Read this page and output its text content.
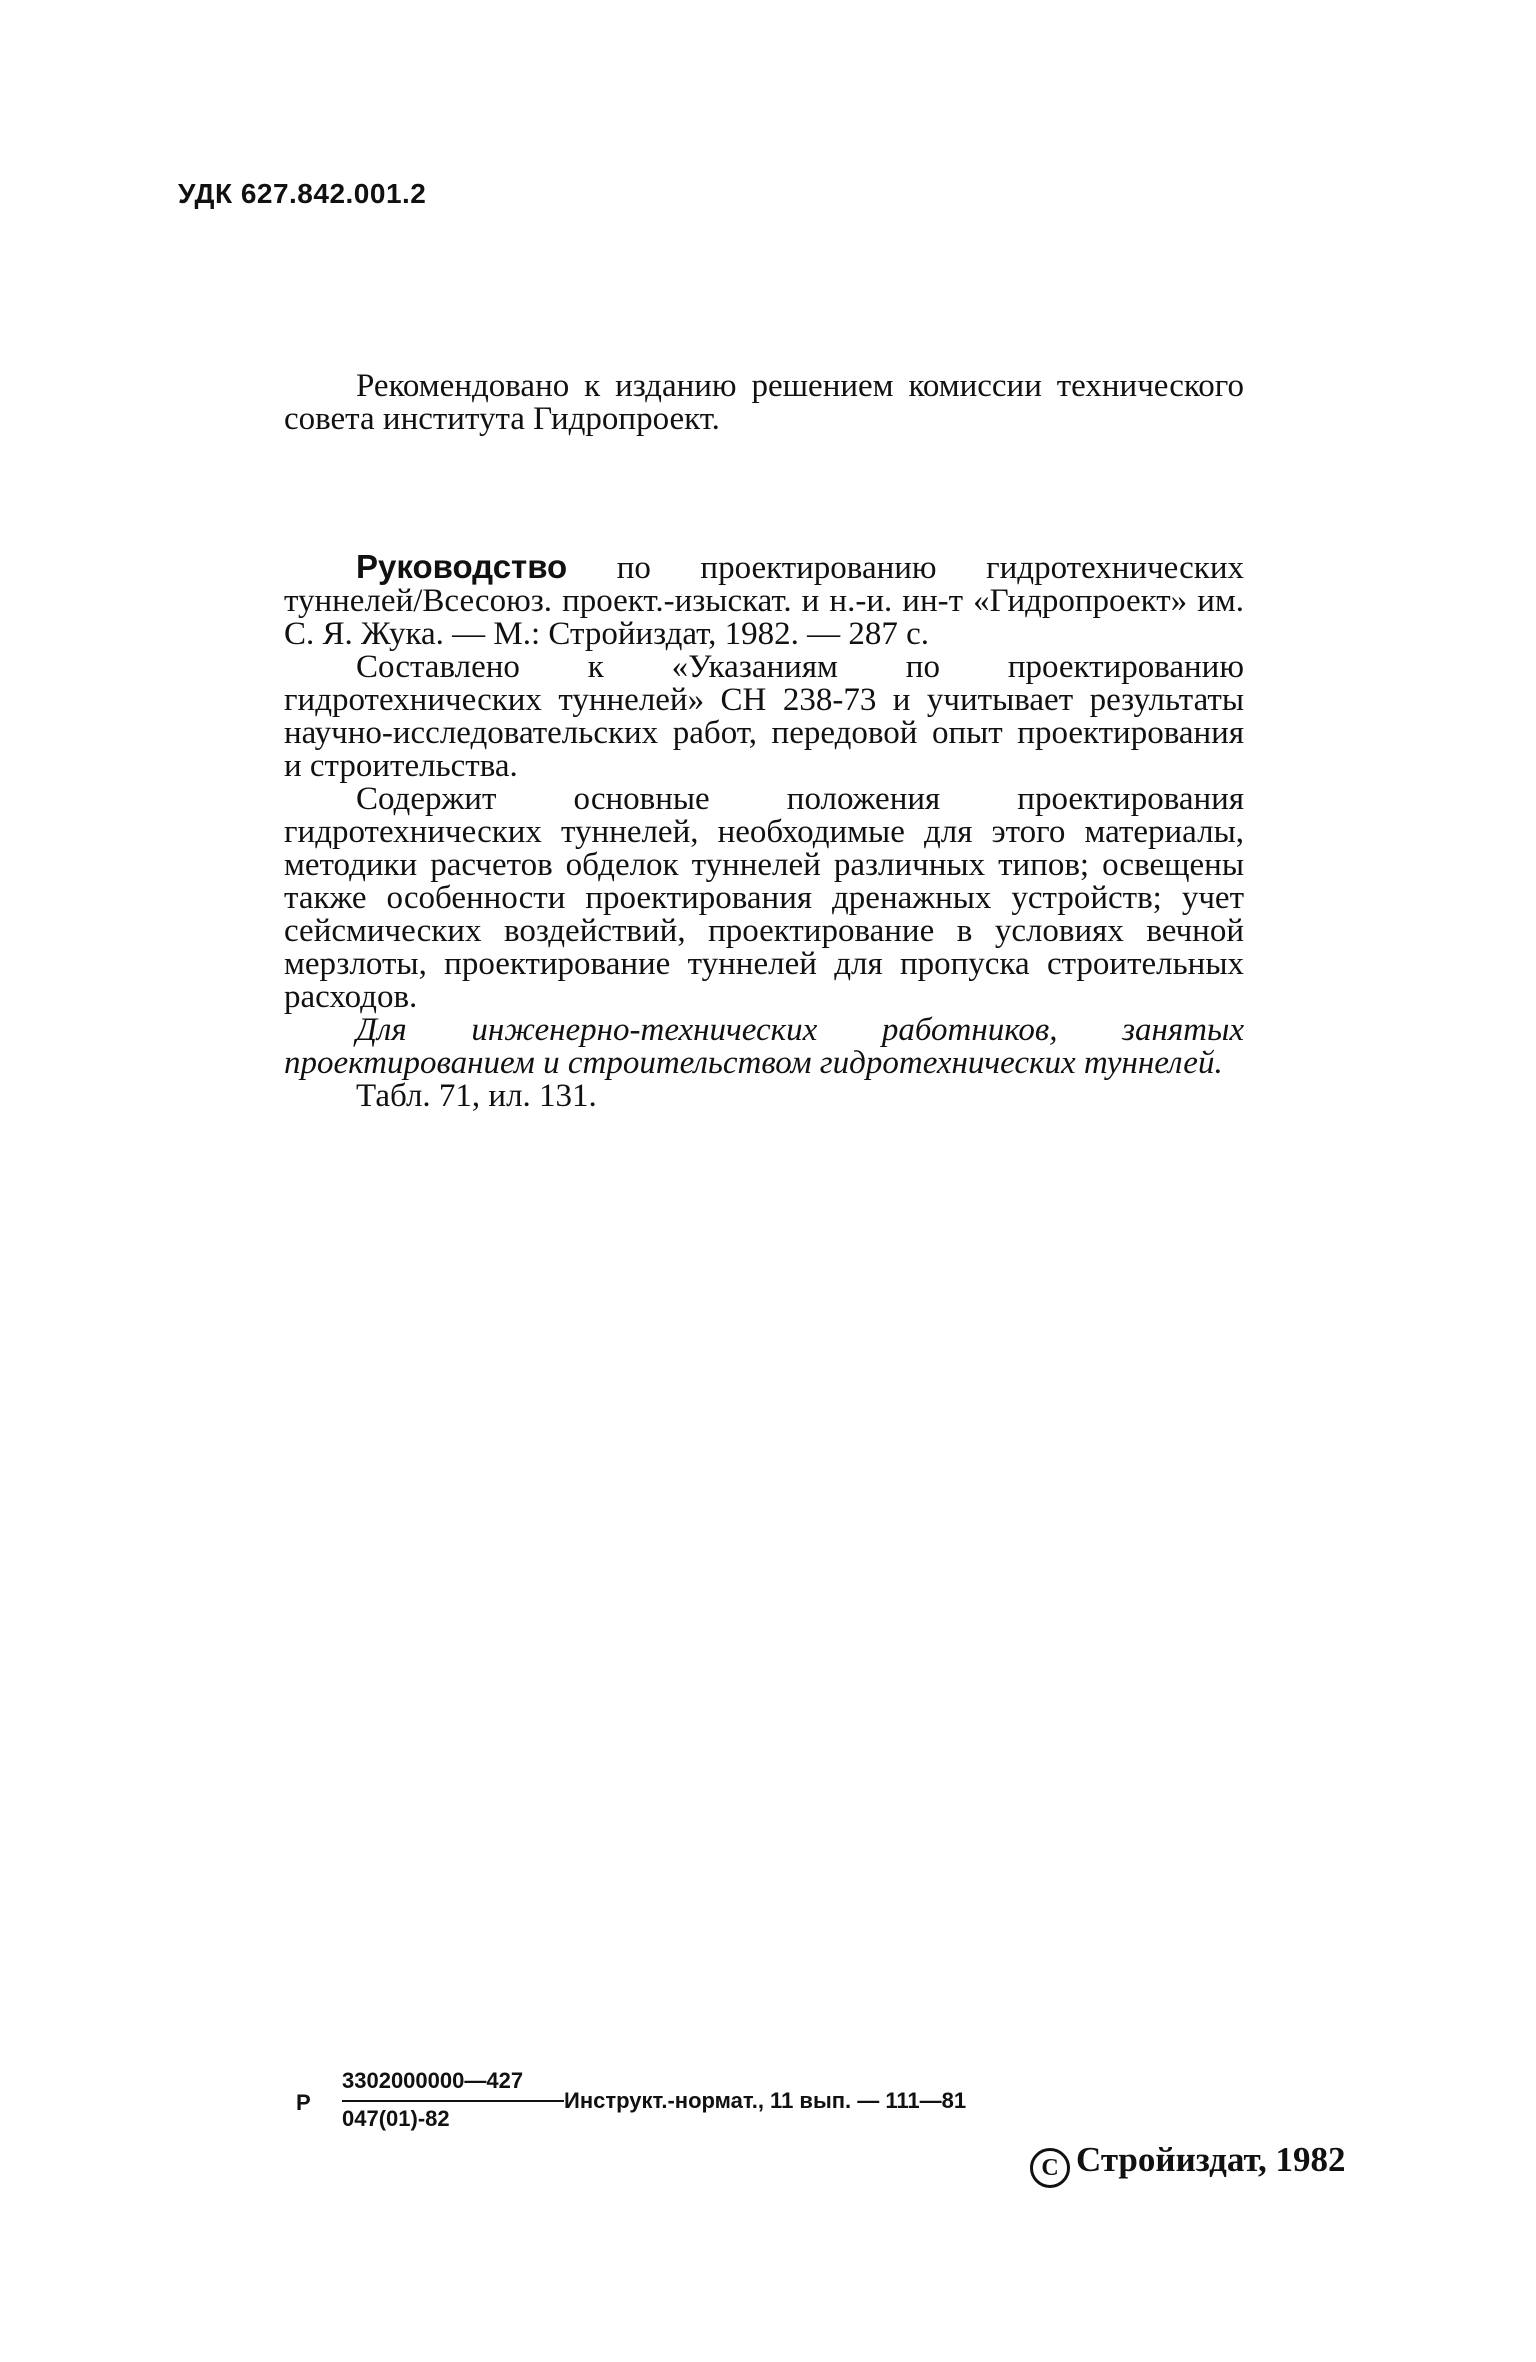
УДК 627.842.001.2

Рекомендовано к изданию решением комиссии технического совета института Гидропроект.

Руководство по проектированию гидротехнических туннелей/Всесоюз. проект.-изыскат. и н.-и. ин-т «Гидропроект» им. С. Я. Жука. — М.: Стройиздат, 1982. — 287 с.

Составлено к «Указаниям по проектированию гидротехнических туннелей» СН 238-73 и учитывает результаты научно-исследовательских работ, передовой опыт проектирования и строительства.

Содержит основные положения проектирования гидротехнических туннелей, необходимые для этого материалы, методики расчетов обделок туннелей различных типов; освещены также особенности проектирования дренажных устройств; учет сейсмических воздействий, проектирование в условиях вечной мерзлоты, проектирование туннелей для пропуска строительных расходов.

Для инженерно-технических работников, занятых проектированием и строительством гидротехнических туннелей.

Табл. 71, ил. 131.

Р
3302000000—427
047(01)-82
Инструкт.-нормат., 11 вып. — 111—81
C Стройиздат, 1982
